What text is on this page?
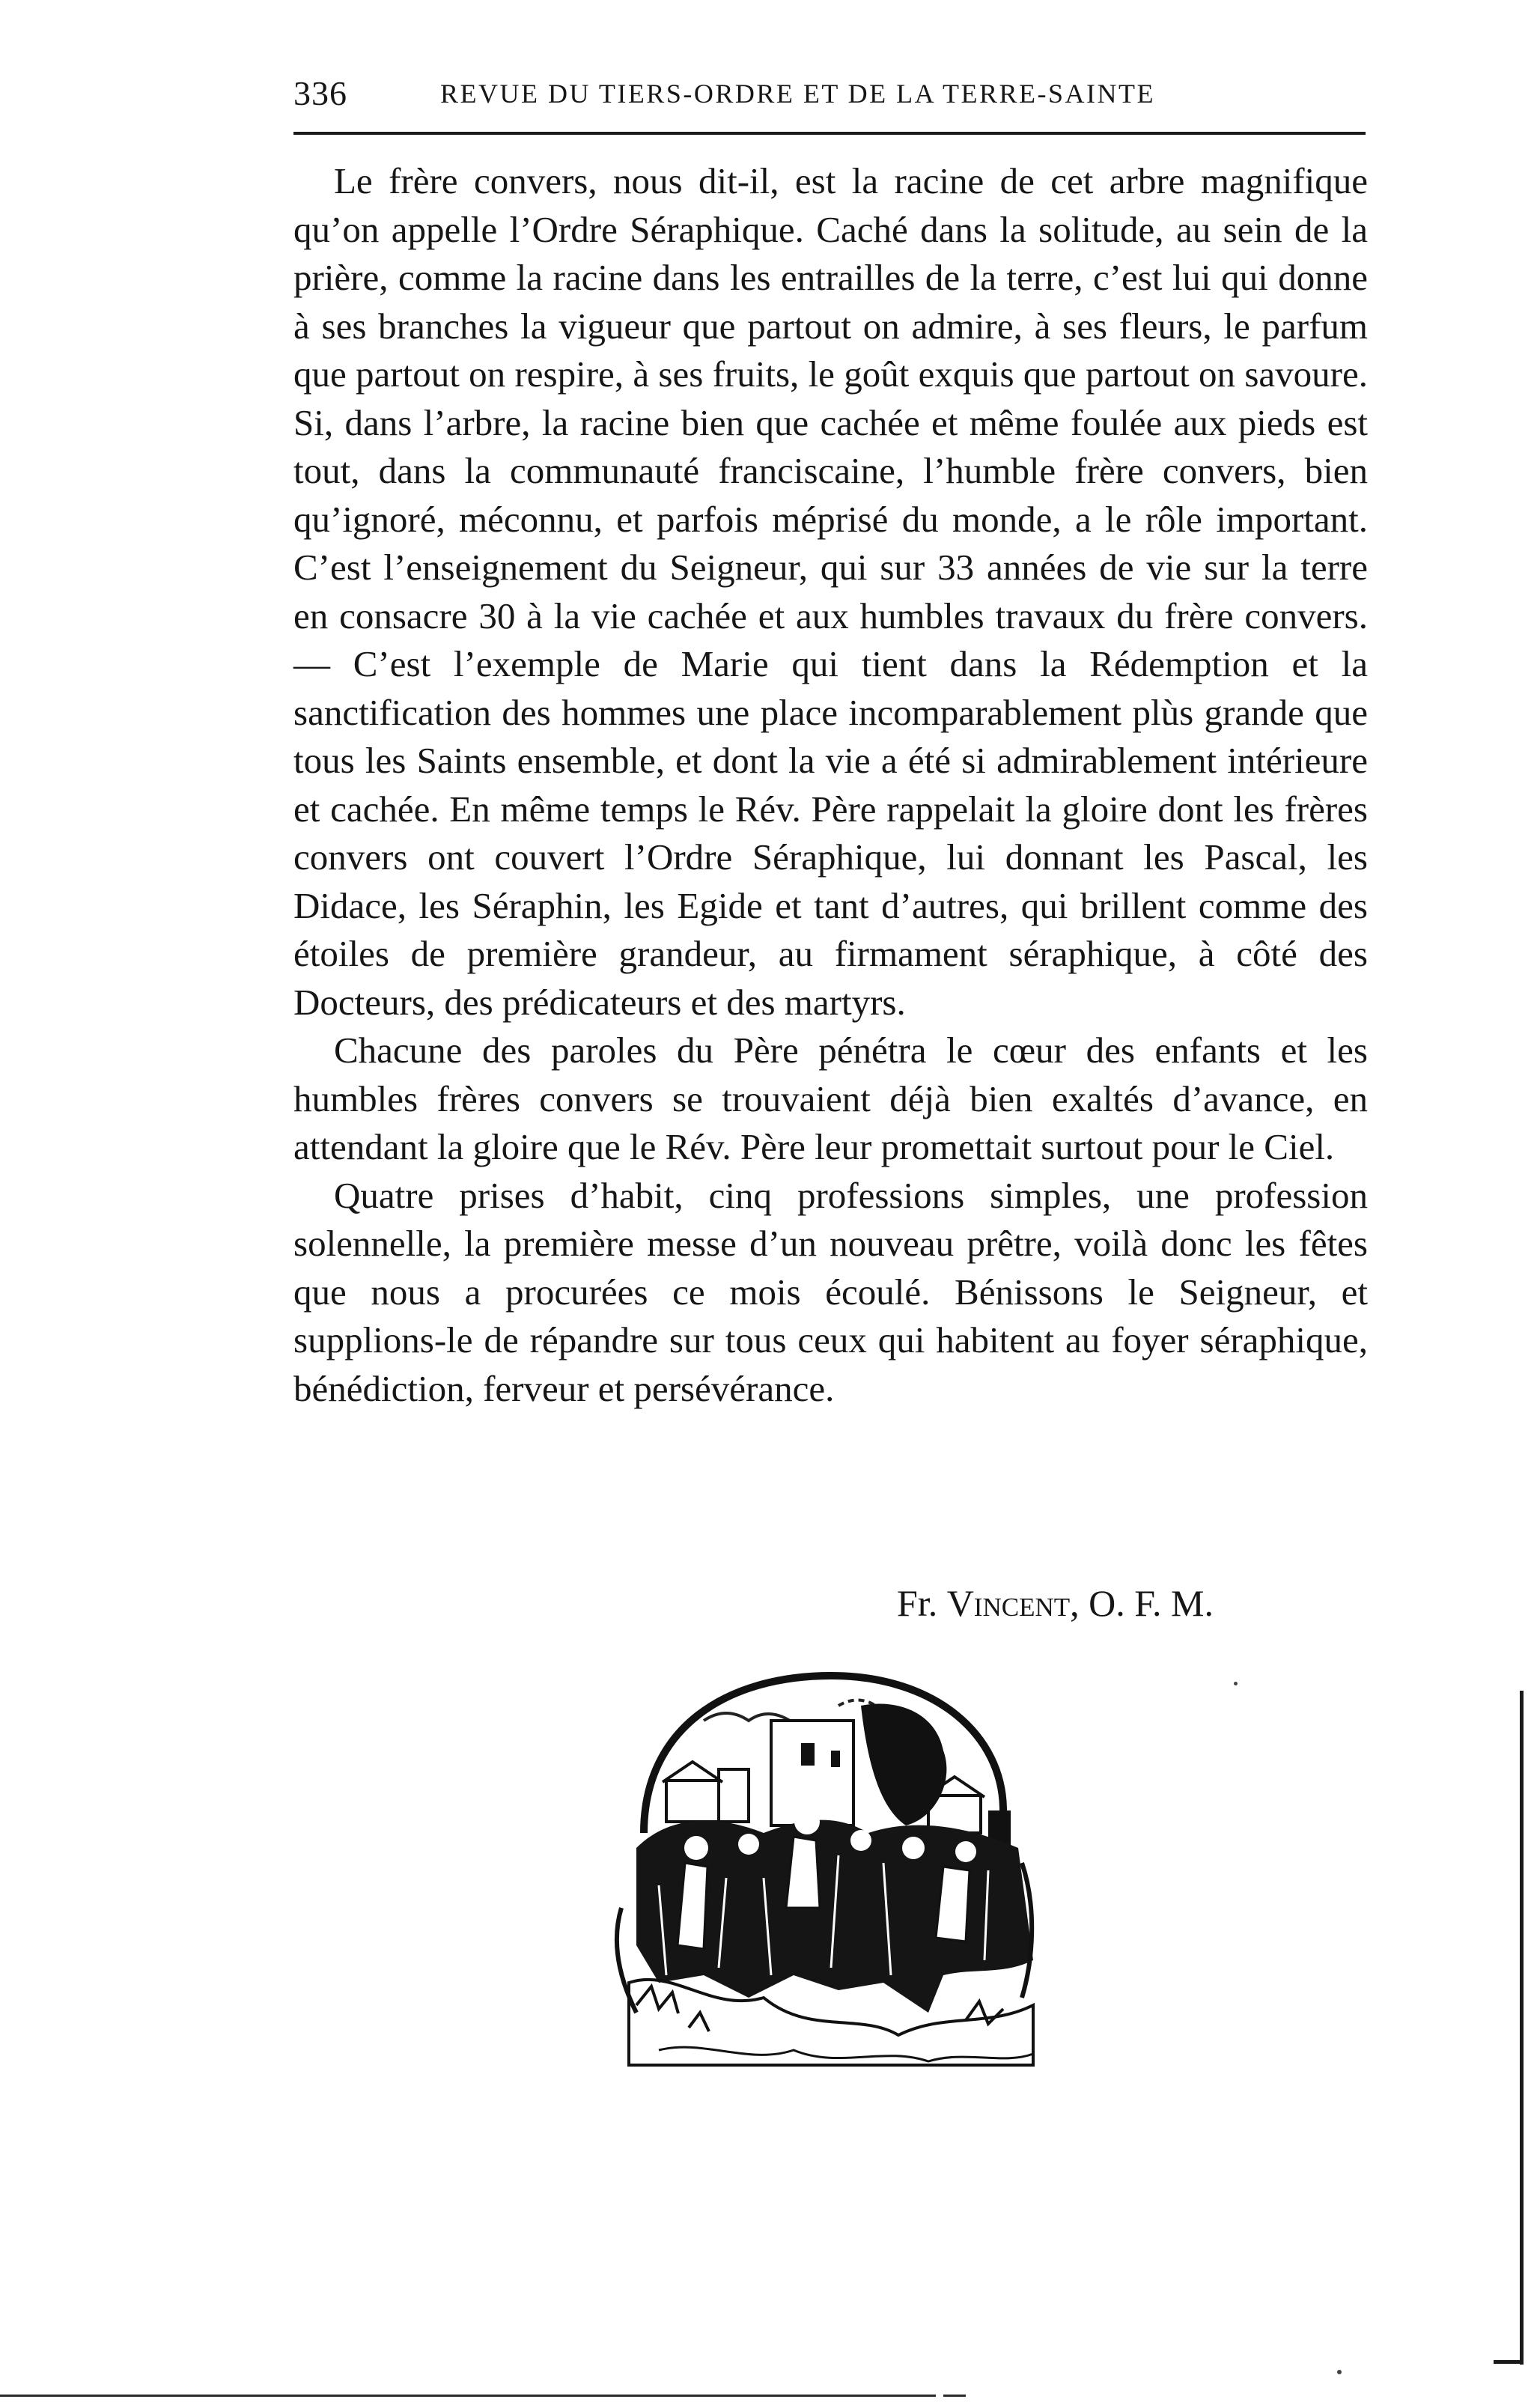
336	REVUE DU TIERS-ORDRE ET DE LA TERRE-SAINTE

Le frère convers, nous dit-il, est la racine de cet arbre magnifique qu’on appelle l’Ordre Séraphique. Caché dans la solitude, au sein de la prière, comme la racine dans les entrailles de la terre, c’est lui qui donne à ses branches la vigueur que partout on admire, à ses fleurs, le parfum que partout on respire, à ses fruits, le goût exquis que partout on savoure. Si, dans l’arbre, la racine bien que cachée et même foulée aux pieds est tout, dans la communauté franciscaine, l’humble frère convers, bien qu’ignoré, méconnu, et parfois méprisé du monde, a le rôle important. C’est l’enseignement du Seigneur, qui sur 33 années de vie sur la terre en consacre 30 à la vie cachée et aux humbles travaux du frère convers. — C’est l’exemple de Marie qui tient dans la Rédemption et la sanctification des hommes une place incomparablement plùs grande que tous les Saints ensemble, et dont la vie a été si admirablement intérieure et cachée. En même temps le Rév. Père rappelait la gloire dont les frères convers ont couvert l’Ordre Séraphique, lui donnant les Pascal, les Didace, les Séraphin, les Egide et tant d’autres, qui brillent comme des étoiles de première grandeur, au firmament séraphique, à côté des Docteurs, des prédicateurs et des martyrs.

Chacune des paroles du Père pénétra le cœur des enfants et les humbles frères convers se trouvaient déjà bien exaltés d’avance, en attendant la gloire que le Rév. Père leur promettait surtout pour le Ciel.

Quatre prises d’habit, cinq professions simples, une profession solennelle, la première messe d’un nouveau prêtre, voilà donc les fêtes que nous a procurées ce mois écoulé. Bénissons le Seigneur, et supplions-le de répandre sur tous ceux qui habitent au foyer séraphique, bénédiction, ferveur et persévérance.

Fr. Vincent, O. F. M.
